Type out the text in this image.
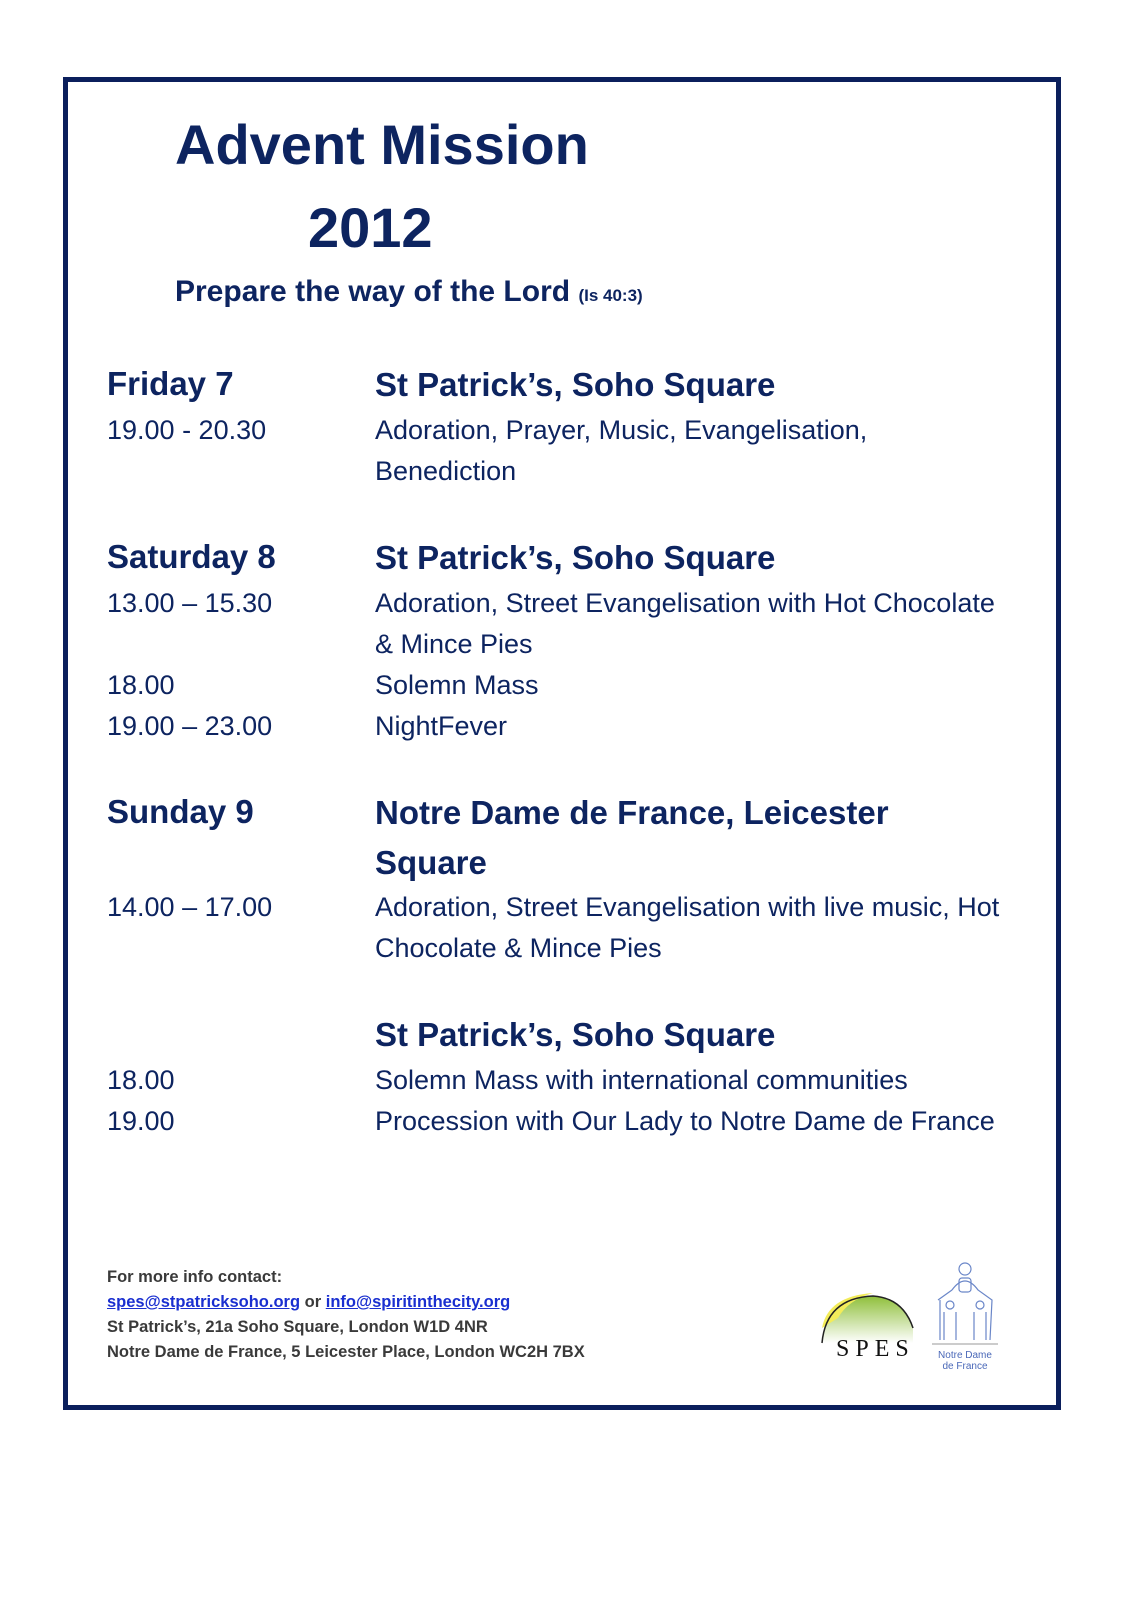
Advent Mission
2012
Prepare the way of the Lord (Is 40:3)
Friday 7	St Patrick’s, Soho Square
19.00 - 20.30	Adoration, Prayer, Music, Evangelisation, Benediction
Saturday 8	St Patrick’s, Soho Square
13.00 – 15.30	Adoration, Street Evangelisation with Hot Chocolate & Mince Pies
18.00	Solemn Mass
19.00 – 23.00	NightFever
Sunday 9	Notre Dame de France, Leicester Square
14.00 – 17.00	Adoration, Street Evangelisation with live music, Hot Chocolate & Mince Pies
St Patrick’s, Soho Square
18.00	Solemn Mass with international communities
19.00	Procession with Our Lady to Notre Dame de France
For more info contact:
spes@stpatricksoho.org or info@spiritinthecity.org
St Patrick’s, 21a Soho Square, London W1D 4NR
Notre Dame de France, 5 Leicester Place, London WC2H 7BX	SPES	Notre Dame
de France
